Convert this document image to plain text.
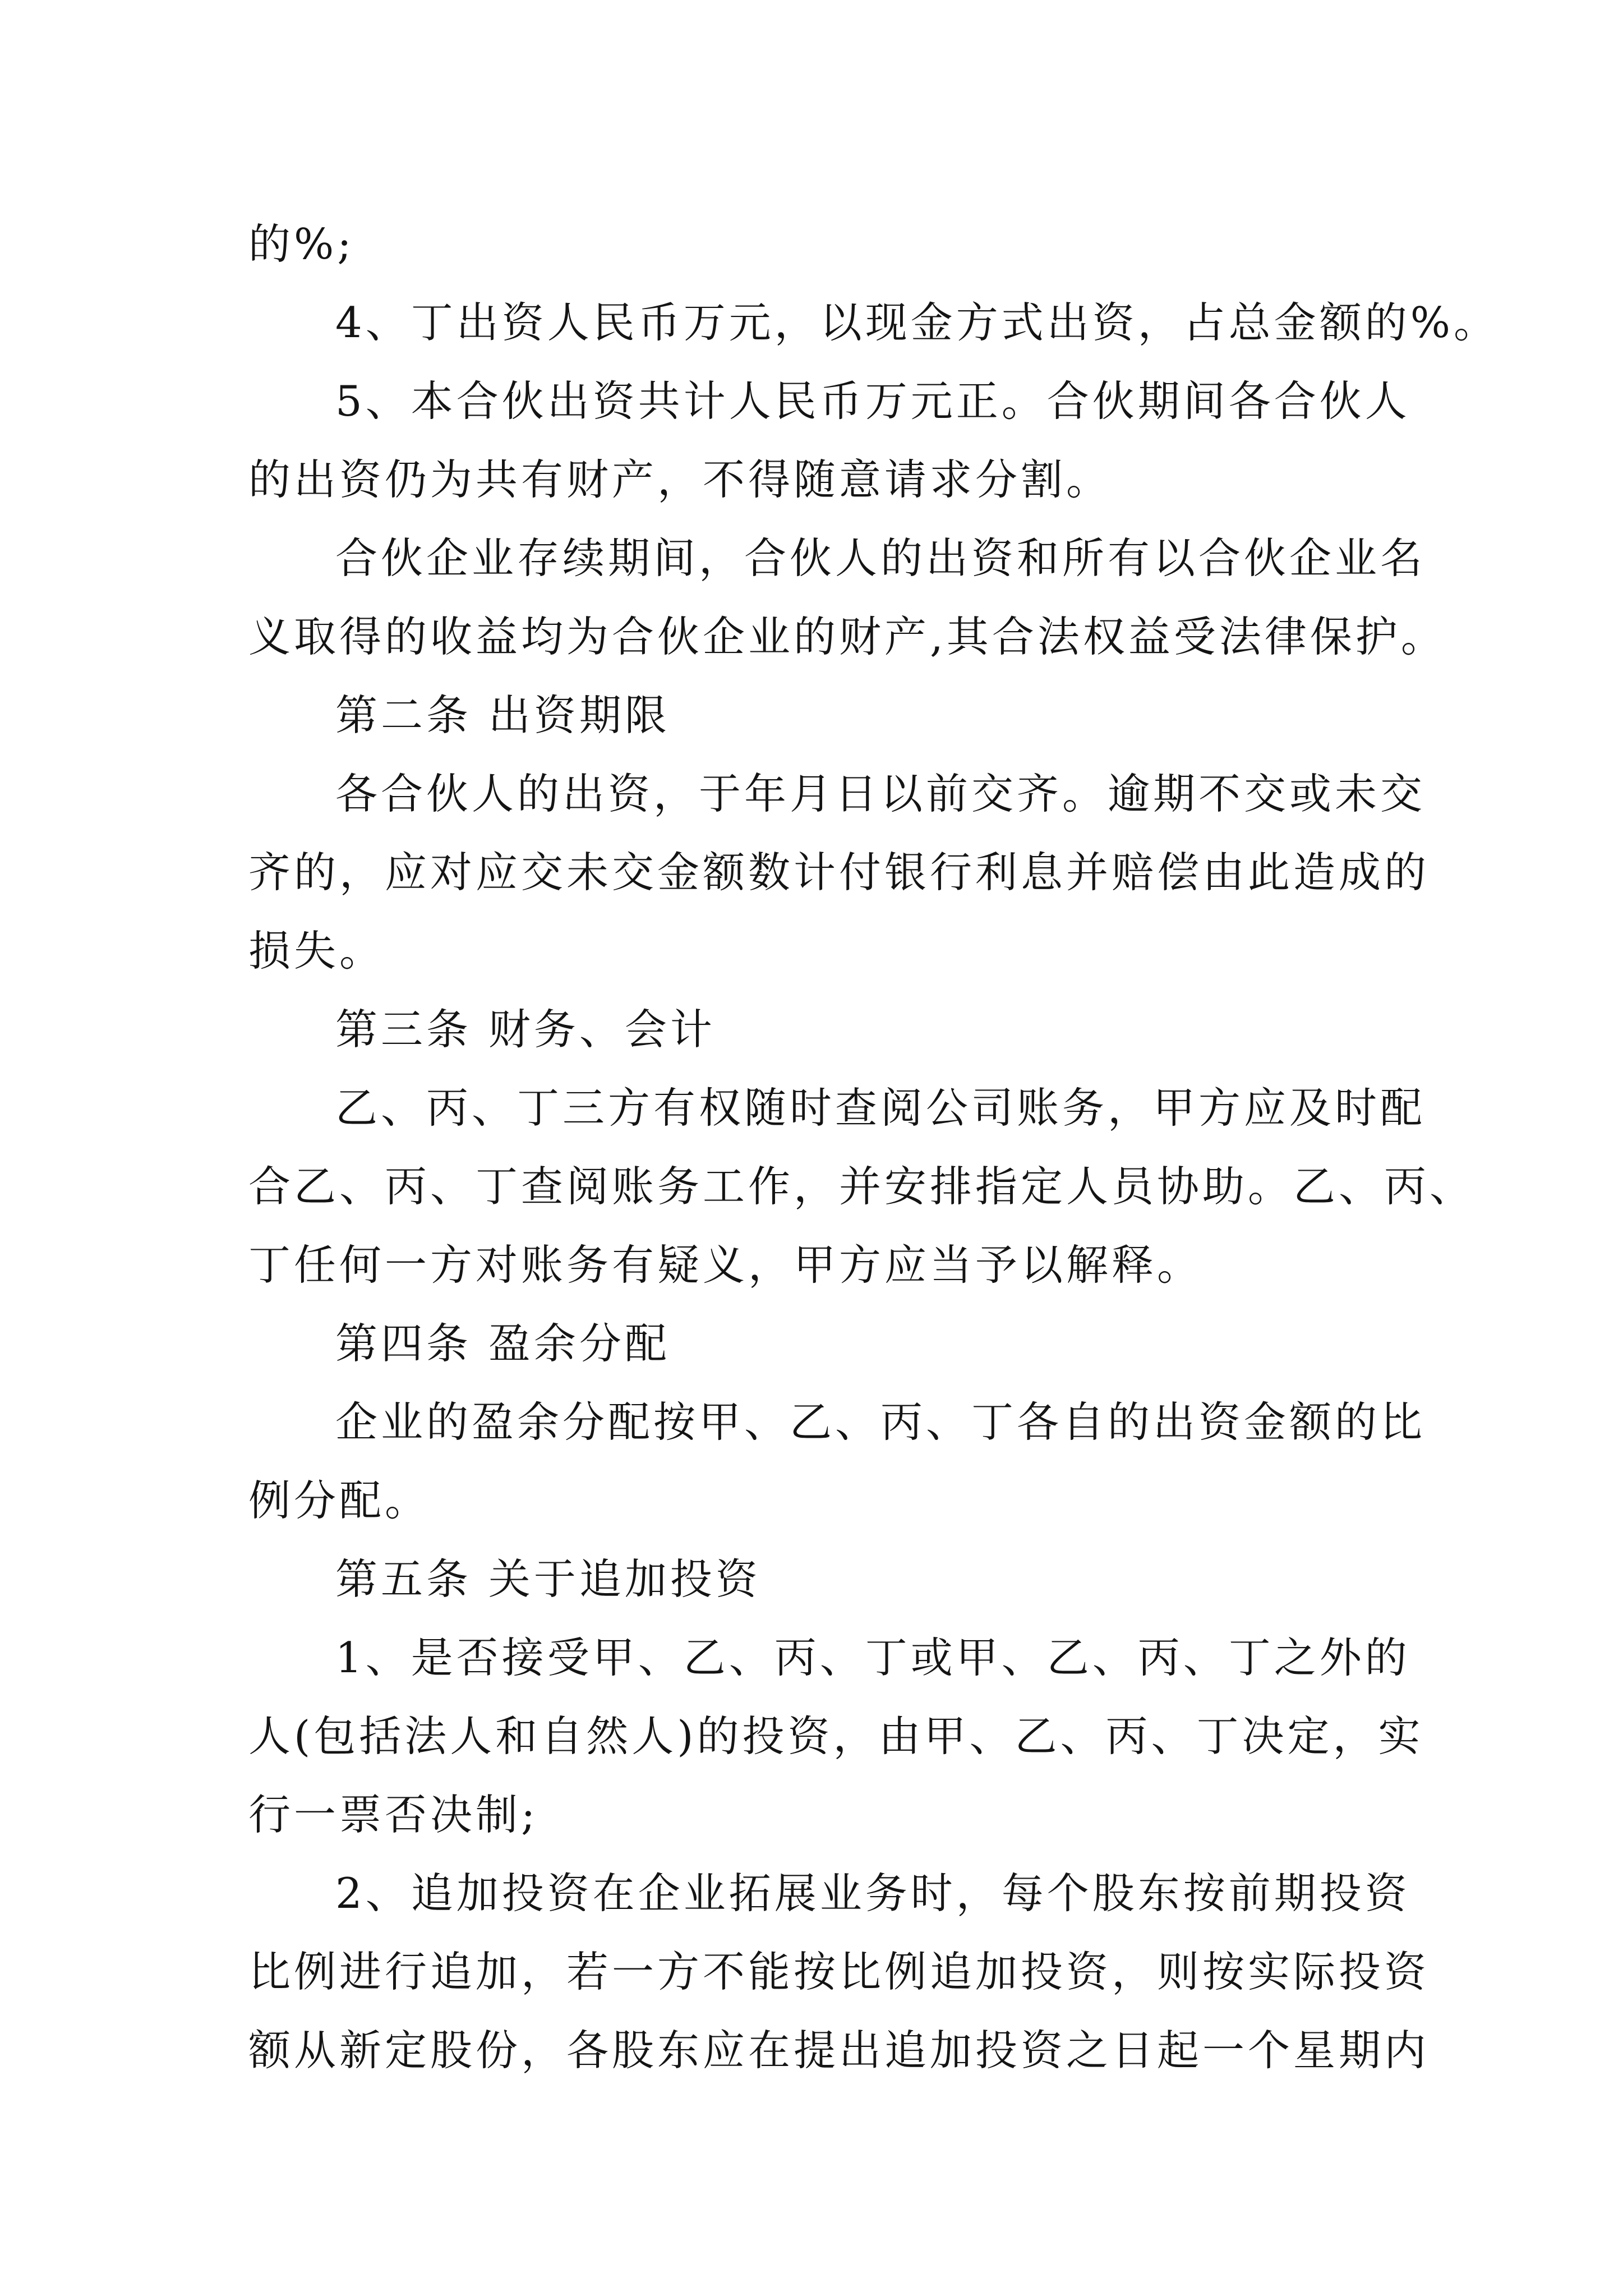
的%;
4、丁出资人民币万元，以现金方式出资，占总金额的%。
5、本合伙出资共计人民币万元正。合伙期间各合伙人
的出资仍为共有财产，不得随意请求分割。
合伙企业存续期间，合伙人的出资和所有以合伙企业名
义取得的收益均为合伙企业的财产,其合法权益受法律保护。
第二条 出资期限
各合伙人的出资，于年月日以前交齐。逾期不交或未交
齐的，应对应交未交金额数计付银行利息并赔偿由此造成的
损失。
第三条 财务、会计
乙、丙、丁三方有权随时查阅公司账务，甲方应及时配
合乙、丙、丁查阅账务工作，并安排指定人员协助。乙、丙、
丁任何一方对账务有疑义，甲方应当予以解释。
第四条 盈余分配
企业的盈余分配按甲、乙、丙、丁各自的出资金额的比
例分配。
第五条 关于追加投资
1、是否接受甲、乙、丙、丁或甲、乙、丙、丁之外的
人(包括法人和自然人)的投资，由甲、乙、丙、丁决定，实
行一票否决制;
2、追加投资在企业拓展业务时，每个股东按前期投资
比例进行追加，若一方不能按比例追加投资，则按实际投资
额从新定股份，各股东应在提出追加投资之日起一个星期内
